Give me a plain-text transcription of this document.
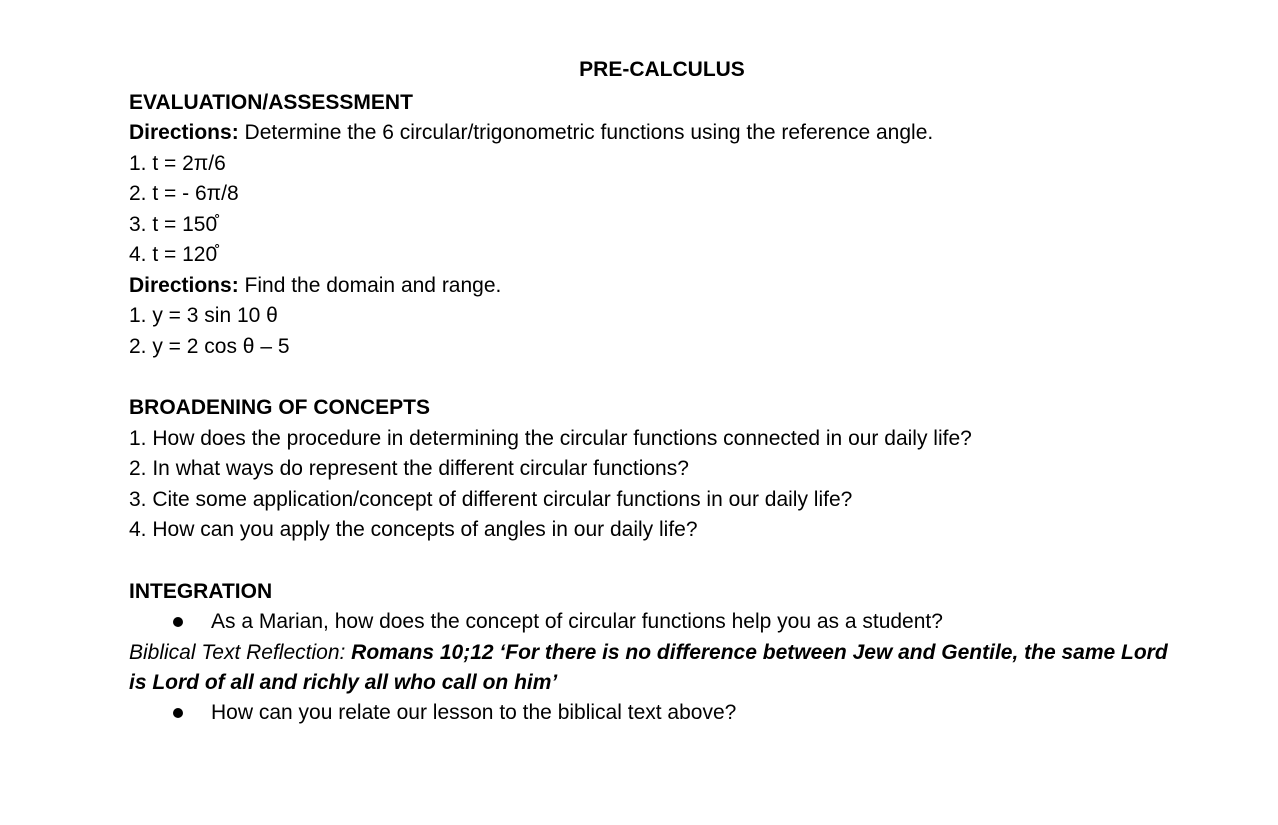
PRE-CALCULUS
EVALUATION/ASSESSMENT
Directions: Determine the 6 circular/trigonometric functions using the reference angle.
1. t = 2π/6
2. t = - 6π/8
3. t = 150̊
4. t = 120̊
Directions: Find the domain and range.
1. y = 3 sin 10 θ
2. y = 2 cos θ – 5
BROADENING OF CONCEPTS
1. How does the procedure in determining the circular functions connected in our daily life?
2. In what ways do represent the different circular functions?
3. Cite some application/concept of different circular functions in our daily life?
4. How can you apply the concepts of angles in our daily life?
INTEGRATION
As a Marian, how does the concept of circular functions help you as a student?
Biblical Text Reflection: Romans 10;12 ‘For there is no difference between Jew and Gentile, the same Lord is Lord of all and richly all who call on him’
How can you relate our lesson to the biblical text above?
